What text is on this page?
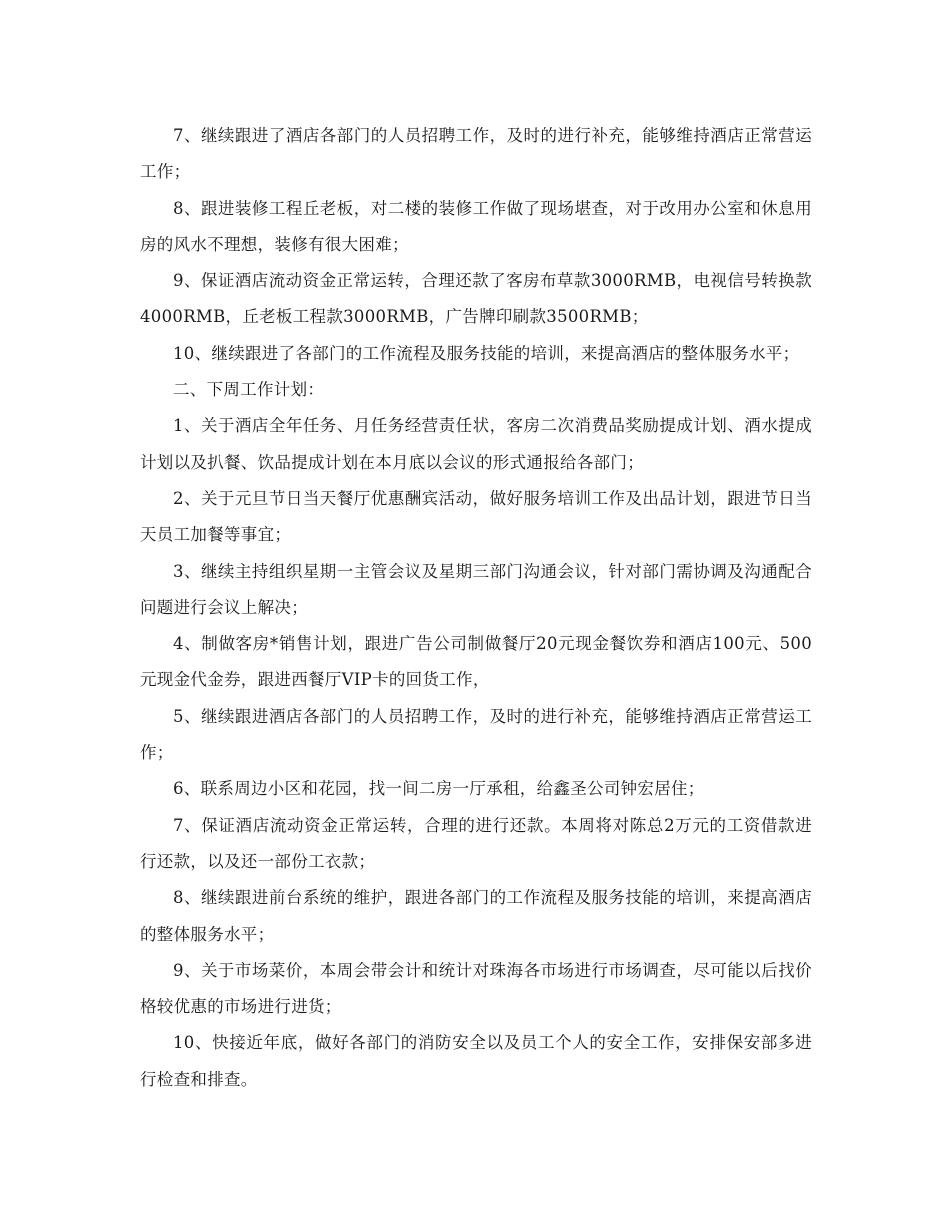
7、继续跟进了酒店各部门的人员招聘工作，及时的进行补充，能够维持酒店正常营运工作；

8、跟进装修工程丘老板，对二楼的装修工作做了现场堪查，对于改用办公室和休息用房的风水不理想，装修有很大困难；

9、保证酒店流动资金正常运转，合理还款了客房布草款3000RMB，电视信号转换款4000RMB，丘老板工程款3000RMB，广告牌印刷款3500RMB；

10、继续跟进了各部门的工作流程及服务技能的培训，来提高酒店的整体服务水平；

二、下周工作计划：

1、关于酒店全年任务、月任务经营责任状，客房二次消费品奖励提成计划、酒水提成计划以及扒餐、饮品提成计划在本月底以会议的形式通报给各部门；

2、关于元旦节日当天餐厅优惠酬宾活动，做好服务培训工作及出品计划，跟进节日当天员工加餐等事宜；

3、继续主持组织星期一主管会议及星期三部门沟通会议，针对部门需协调及沟通配合问题进行会议上解决；

4、制做客房*销售计划，跟进广告公司制做餐厅20元现金餐饮券和酒店100元、500元现金代金券，跟进西餐厅VIP卡的回货工作，

5、继续跟进酒店各部门的人员招聘工作，及时的进行补充，能够维持酒店正常营运工作；

6、联系周边小区和花园，找一间二房一厅承租，给鑫圣公司钟宏居住；

7、保证酒店流动资金正常运转，合理的进行还款。本周将对陈总2万元的工资借款进行还款，以及还一部份工衣款；

8、继续跟进前台系统的维护，跟进各部门的工作流程及服务技能的培训，来提高酒店的整体服务水平；

9、关于市场菜价，本周会带会计和统计对珠海各市场进行市场调查，尽可能以后找价格较优惠的市场进行进货；

10、快接近年底，做好各部门的消防安全以及员工个人的安全工作，安排保安部多进行检查和排查。
